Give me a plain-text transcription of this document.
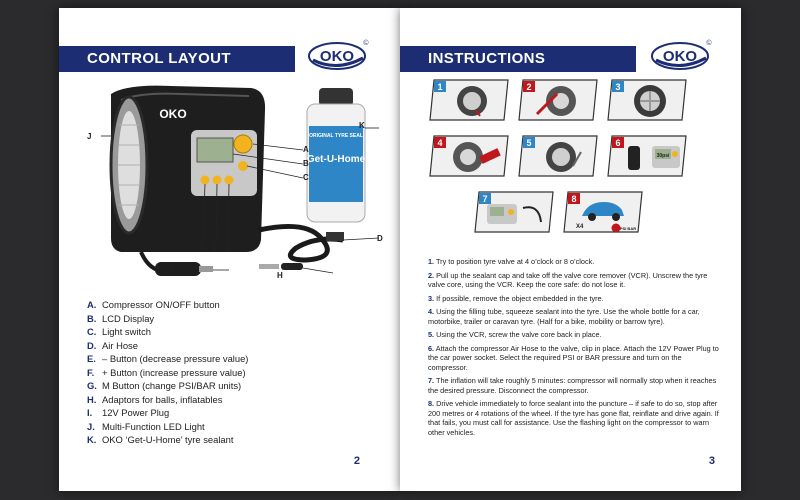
CONTROL LAYOUT	OKO
©
OKO
ORIGINAL TYRE SEAL
Get-U-Home
K
J
A
B
C
G F E
D
I
H
A. Compressor ON/OFF button
B. LCD Display
C. Light switch
D. Air Hose
E. – Button (decrease pressure value)
F. + Button (increase pressure value)
G. M Button (change PSI/BAR units)
H. Adaptors for balls, inflatables
I. 12V Power Plug
J. Multi-Function LED Light
K. OKO ‘Get-U-Home’ tyre sealant
2
INSTRUCTIONS	OKO
©
1	2	3
4	5
30psi
6
7
X4	PSI BAR
8
1. Try to position tyre valve at 4 o’clock or 8 o’clock.
2. Pull up the sealant cap and take off the valve core remover (VCR). Unscrew the tyre valve core, using the VCR. Keep the core safe: do not lose it.
3. If possible, remove the object embedded in the tyre.
4. Using the filling tube, squeeze sealant into the tyre. Use the whole bottle for a car, motorbike, trailer or caravan tyre. (Half for a bike, mobility or barrow tyre).
5. Using the VCR, screw the valve core back in place.
6. Attach the compressor Air Hose to the valve, clip in place. Attach the 12V Power Plug to the car power socket. Select the required PSI or BAR pressure and turn on the compressor.
7. The inflation will take roughly 5 minutes: compressor will normally stop when it reaches the desired pressure. Disconnect the compressor.
8. Drive vehicle immediately to force sealant into the puncture – if safe to do so, stop after 200 metres or 4 rotations of the wheel. If the tyre has gone flat, reinflate and drive again. If that fails, you must call for assistance. Use the flashing light on the compressor to warn other vehicles.
3
